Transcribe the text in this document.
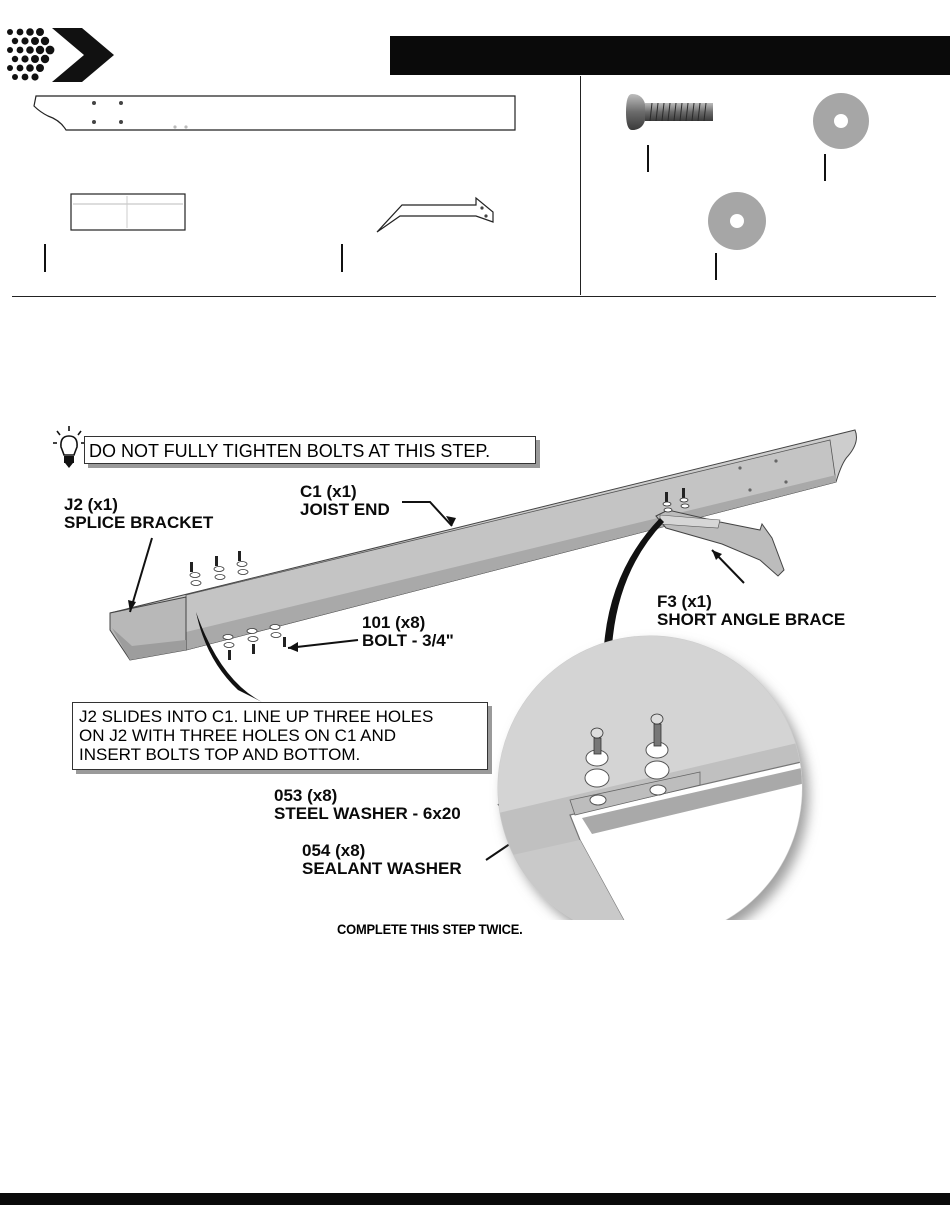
J2 (x1)
SPLICE BRACKET
C1 (x1)
JOIST END
F3 (x1)
SHORT ANGLE BRACE
101 (x8)
BOLT - 3/4"
053 (x8)
STEEL WASHER - 6x20
054 (x8)
SEALANT WASHER
DO NOT FULLY TIGHTEN BOLTS AT THIS STEP.
J2 SLIDES INTO C1. LINE UP THREE HOLES
ON J2 WITH THREE HOLES ON C1 AND
INSERT BOLTS TOP AND BOTTOM.
COMPLETE THIS STEP TWICE.
